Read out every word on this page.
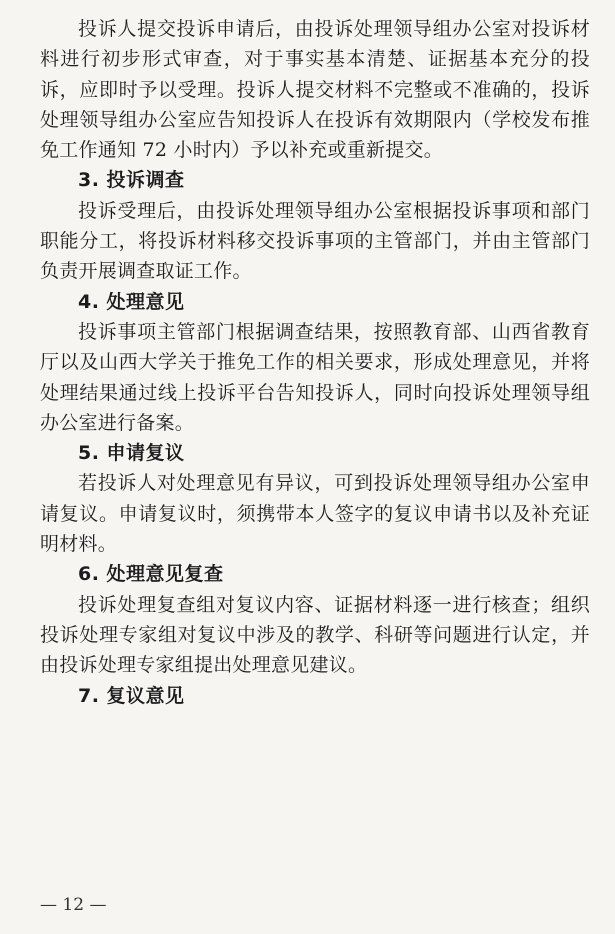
投诉人提交投诉申请后，由投诉处理领导组办公室对投诉材料进行初步形式审查，对于事实基本清楚、证据基本充分的投诉，应即时予以受理。投诉人提交材料不完整或不准确的，投诉处理领导组办公室应告知投诉人在投诉有效期限内（学校发布推免工作通知 72 小时内）予以补充或重新提交。

3. 投诉调查

投诉受理后，由投诉处理领导组办公室根据投诉事项和部门职能分工，将投诉材料移交投诉事项的主管部门，并由主管部门负责开展调查取证工作。

4. 处理意见

投诉事项主管部门根据调查结果，按照教育部、山西省教育厅以及山西大学关于推免工作的相关要求，形成处理意见，并将处理结果通过线上投诉平台告知投诉人，同时向投诉处理领导组办公室进行备案。

5. 申请复议

若投诉人对处理意见有异议，可到投诉处理领导组办公室申请复议。申请复议时，须携带本人签字的复议申请书以及补充证明材料。

6. 处理意见复查

投诉处理复查组对复议内容、证据材料逐一进行核查；组织投诉处理专家组对复议中涉及的教学、科研等问题进行认定，并由投诉处理专家组提出处理意见建议。

7. 复议意见

— 12 —
